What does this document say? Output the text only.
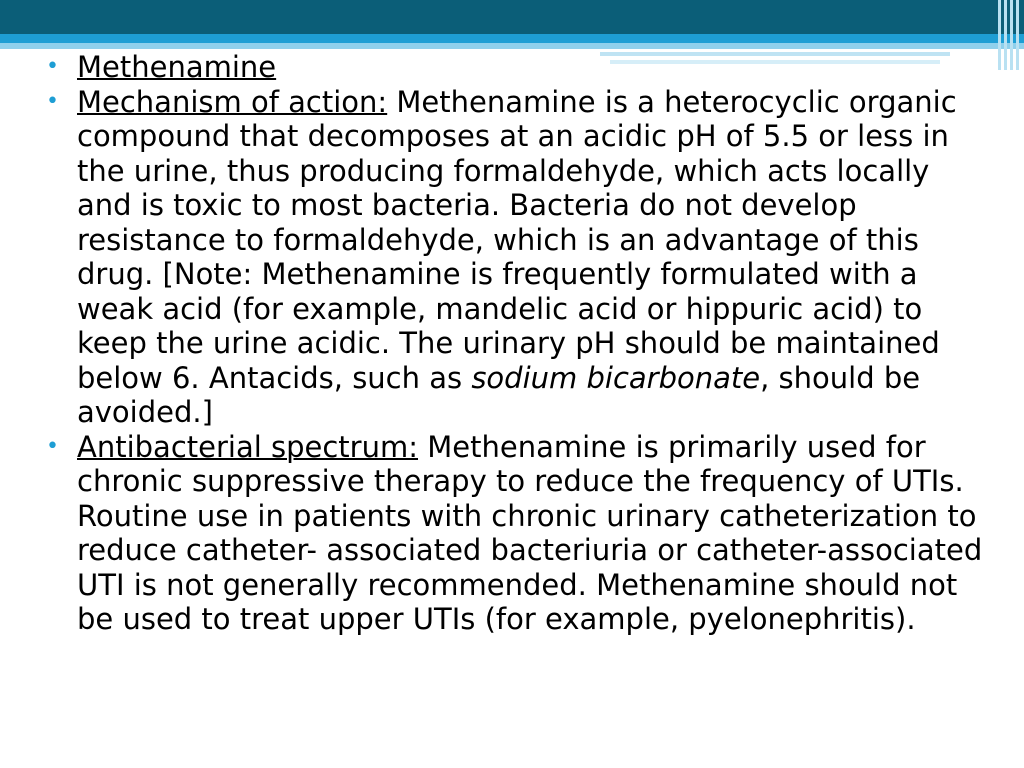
• Methenamine

• Mechanism of action: Methenamine is a heterocyclic organic compound that decomposes at an acidic pH of 5.5 or less in the urine, thus producing formaldehyde, which acts locally and is toxic to most bacteria. Bacteria do not develop resistance to formaldehyde, which is an advantage of this drug. [Note: Methenamine is frequently formulated with a weak acid (for example, mandelic acid or hippuric acid) to keep the urine acidic. The urinary pH should be maintained below 6. Antacids, such as sodium bicarbonate, should be avoided.]

• Antibacterial spectrum: Methenamine is primarily used for chronic suppressive therapy to reduce the frequency of UTIs. Routine use in patients with chronic urinary catheterization to reduce catheter- associated bacteriuria or catheter-associated UTI is not generally recommended. Methenamine should not be used to treat upper UTIs (for example, pyelonephritis).
